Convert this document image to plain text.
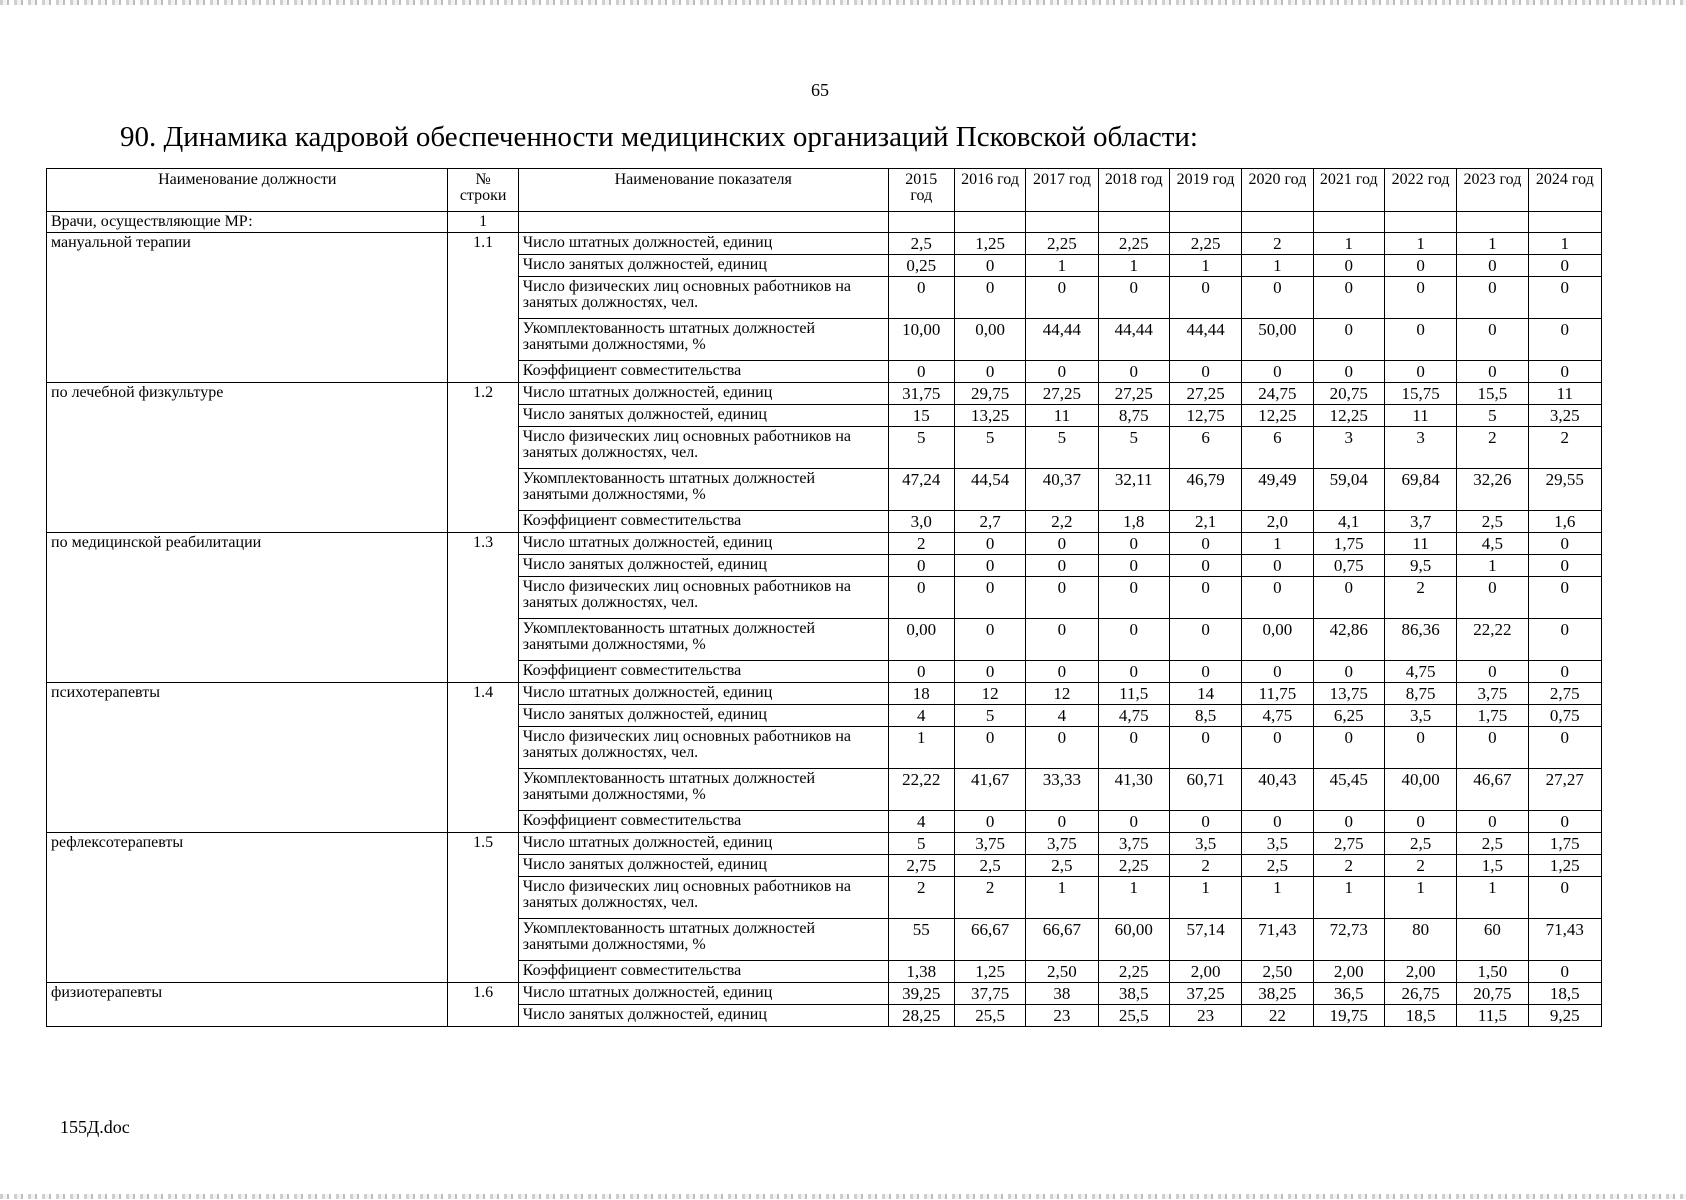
65
90. Динамика кадровой обеспеченности медицинских организаций Псковской области:
Наименование должности	№ строки	Наименование показателя	2015 год	2016 год	2017 год	2018 год	2019 год	2020 год	2021 год	2022 год	2023 год	2024 год
Врачи, осуществляющие МР:	1											
мануальной терапии	1.1	Число штатных должностей, единиц	2,5	1,25	2,25	2,25	2,25	2	1	1	1	1
		Число занятых должностей, единиц	0,25	0	1	1	1	1	0	0	0	0
		Число физических лиц основных работников на занятых должностях, чел.	0	0	0	0	0	0	0	0	0	0
		Укомплектованность штатных должностей занятыми должностями, %	10,00	0,00	44,44	44,44	44,44	50,00	0	0	0	0
		Коэффициент совместительства	0	0	0	0	0	0	0	0	0	0
по лечебной физкультуре	1.2	Число штатных должностей, единиц	31,75	29,75	27,25	27,25	27,25	24,75	20,75	15,75	15,5	11
		Число занятых должностей, единиц	15	13,25	11	8,75	12,75	12,25	12,25	11	5	3,25
		Число физических лиц основных работников на занятых должностях, чел.	5	5	5	5	6	6	3	3	2	2
		Укомплектованность штатных должностей занятыми должностями, %	47,24	44,54	40,37	32,11	46,79	49,49	59,04	69,84	32,26	29,55
		Коэффициент совместительства	3,0	2,7	2,2	1,8	2,1	2,0	4,1	3,7	2,5	1,6
по медицинской реабилитации	1.3	Число штатных должностей, единиц	2	0	0	0	0	1	1,75	11	4,5	0
		Число занятых должностей, единиц	0	0	0	0	0	0	0,75	9,5	1	0
		Число физических лиц основных работников на занятых должностях, чел.	0	0	0	0	0	0	0	2	0	0
		Укомплектованность штатных должностей занятыми должностями, %	0,00	0	0	0	0	0,00	42,86	86,36	22,22	0
		Коэффициент совместительства	0	0	0	0	0	0	0	4,75	0	0
психотерапевты	1.4	Число штатных должностей, единиц	18	12	12	11,5	14	11,75	13,75	8,75	3,75	2,75
		Число занятых должностей, единиц	4	5	4	4,75	8,5	4,75	6,25	3,5	1,75	0,75
		Число физических лиц основных работников на занятых должностях, чел.	1	0	0	0	0	0	0	0	0	0
		Укомплектованность штатных должностей занятыми должностями, %	22,22	41,67	33,33	41,30	60,71	40,43	45,45	40,00	46,67	27,27
		Коэффициент совместительства	4	0	0	0	0	0	0	0	0	0
рефлексотерапевты	1.5	Число штатных должностей, единиц	5	3,75	3,75	3,75	3,5	3,5	2,75	2,5	2,5	1,75
		Число занятых должностей, единиц	2,75	2,5	2,5	2,25	2	2,5	2	2	1,5	1,25
		Число физических лиц основных работников на занятых должностях, чел.	2	2	1	1	1	1	1	1	1	0
		Укомплектованность штатных должностей занятыми должностями, %	55	66,67	66,67	60,00	57,14	71,43	72,73	80	60	71,43
		Коэффициент совместительства	1,38	1,25	2,50	2,25	2,00	2,50	2,00	2,00	1,50	0
физиотерапевты	1.6	Число штатных должностей, единиц	39,25	37,75	38	38,5	37,25	38,25	36,5	26,75	20,75	18,5
		Число занятых должностей, единиц	28,25	25,5	23	25,5	23	22	19,75	18,5	11,5	9,25
155Д.doc
